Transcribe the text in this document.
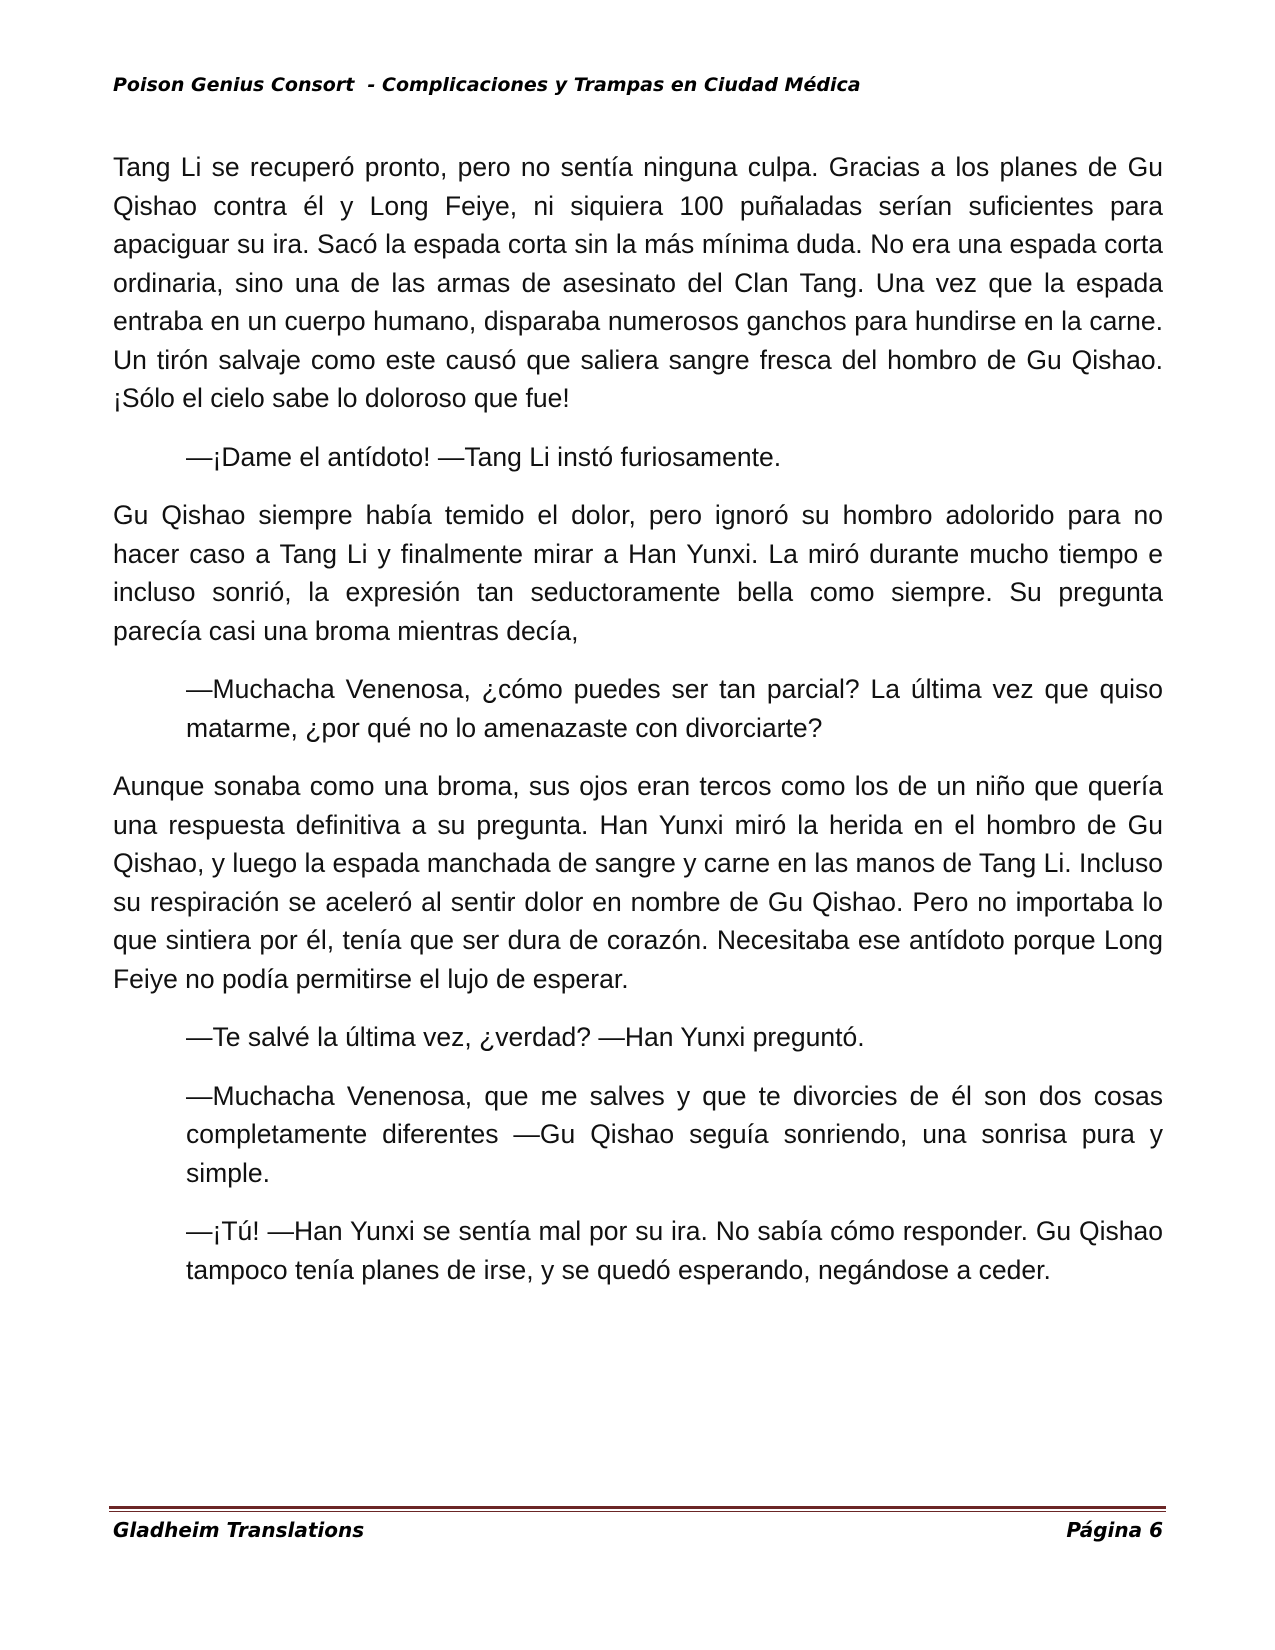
Poison Genius Consort  - Complicaciones y Trampas en Ciudad Médica

Tang Li se recuperó pronto, pero no sentía ninguna culpa. Gracias a los planes de Gu Qishao contra él y Long Feiye, ni siquiera 100 puñaladas serían suficientes para apaciguar su ira. Sacó la espada corta sin la más mínima duda. No era una espada corta ordinaria, sino una de las armas de asesinato del Clan Tang. Una vez que la espada entraba en un cuerpo humano, disparaba numerosos ganchos para hundirse en la carne. Un tirón salvaje como este causó que saliera sangre fresca del hombro de Gu Qishao. ¡Sólo el cielo sabe lo doloroso que fue!

—¡Dame el antídoto! —Tang Li instó furiosamente.

Gu Qishao siempre había temido el dolor, pero ignoró su hombro adolorido para no hacer caso a Tang Li y finalmente mirar a Han Yunxi. La miró durante mucho tiempo e incluso sonrió, la expresión tan seductoramente bella como siempre. Su pregunta parecía casi una broma mientras decía,

—Muchacha Venenosa, ¿cómo puedes ser tan parcial? La última vez que quiso matarme, ¿por qué no lo amenazaste con divorciarte?

Aunque sonaba como una broma, sus ojos eran tercos como los de un niño que quería una respuesta definitiva a su pregunta. Han Yunxi miró la herida en el hombro de Gu Qishao, y luego la espada manchada de sangre y carne en las manos de Tang Li. Incluso su respiración se aceleró al sentir dolor en nombre de Gu Qishao. Pero no importaba lo que sintiera por él, tenía que ser dura de corazón. Necesitaba ese antídoto porque Long Feiye no podía permitirse el lujo de esperar.

—Te salvé la última vez, ¿verdad? —Han Yunxi preguntó.

—Muchacha Venenosa, que me salves y que te divorcies de él son dos cosas completamente diferentes —Gu Qishao seguía sonriendo, una sonrisa pura y simple.

—¡Tú! —Han Yunxi se sentía mal por su ira. No sabía cómo responder. Gu Qishao tampoco tenía planes de irse, y se quedó esperando, negándose a ceder.

Gladheim Translations	Página 6
